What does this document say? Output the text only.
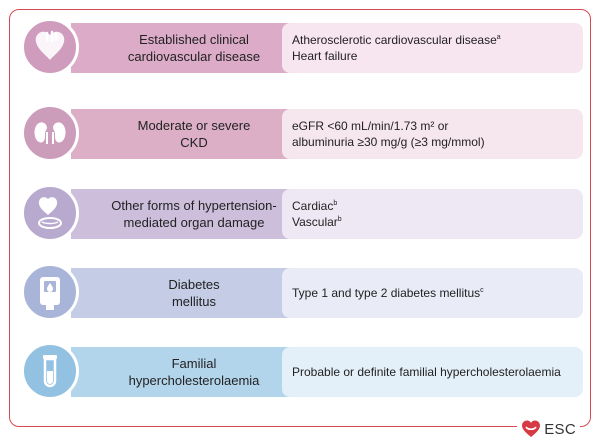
Established clinical
cardiovascular disease
Atherosclerotic cardiovascular disease$^a$
Heart failure
Moderate or severe
CKD
eGFR <60 mL/min/1.73 m² or
albuminuria ≥30 mg/g (≥3 mg/mmol)
Other forms of hypertension-
mediated organ damage
Cardiac$^b$
Vascular$^b$
Diabetes
mellitus
Type 1 and type 2 diabetes mellitus$^c$
Familial
hypercholesterolaemia
Probable or definite familial hypercholesterolaemia
ESC
